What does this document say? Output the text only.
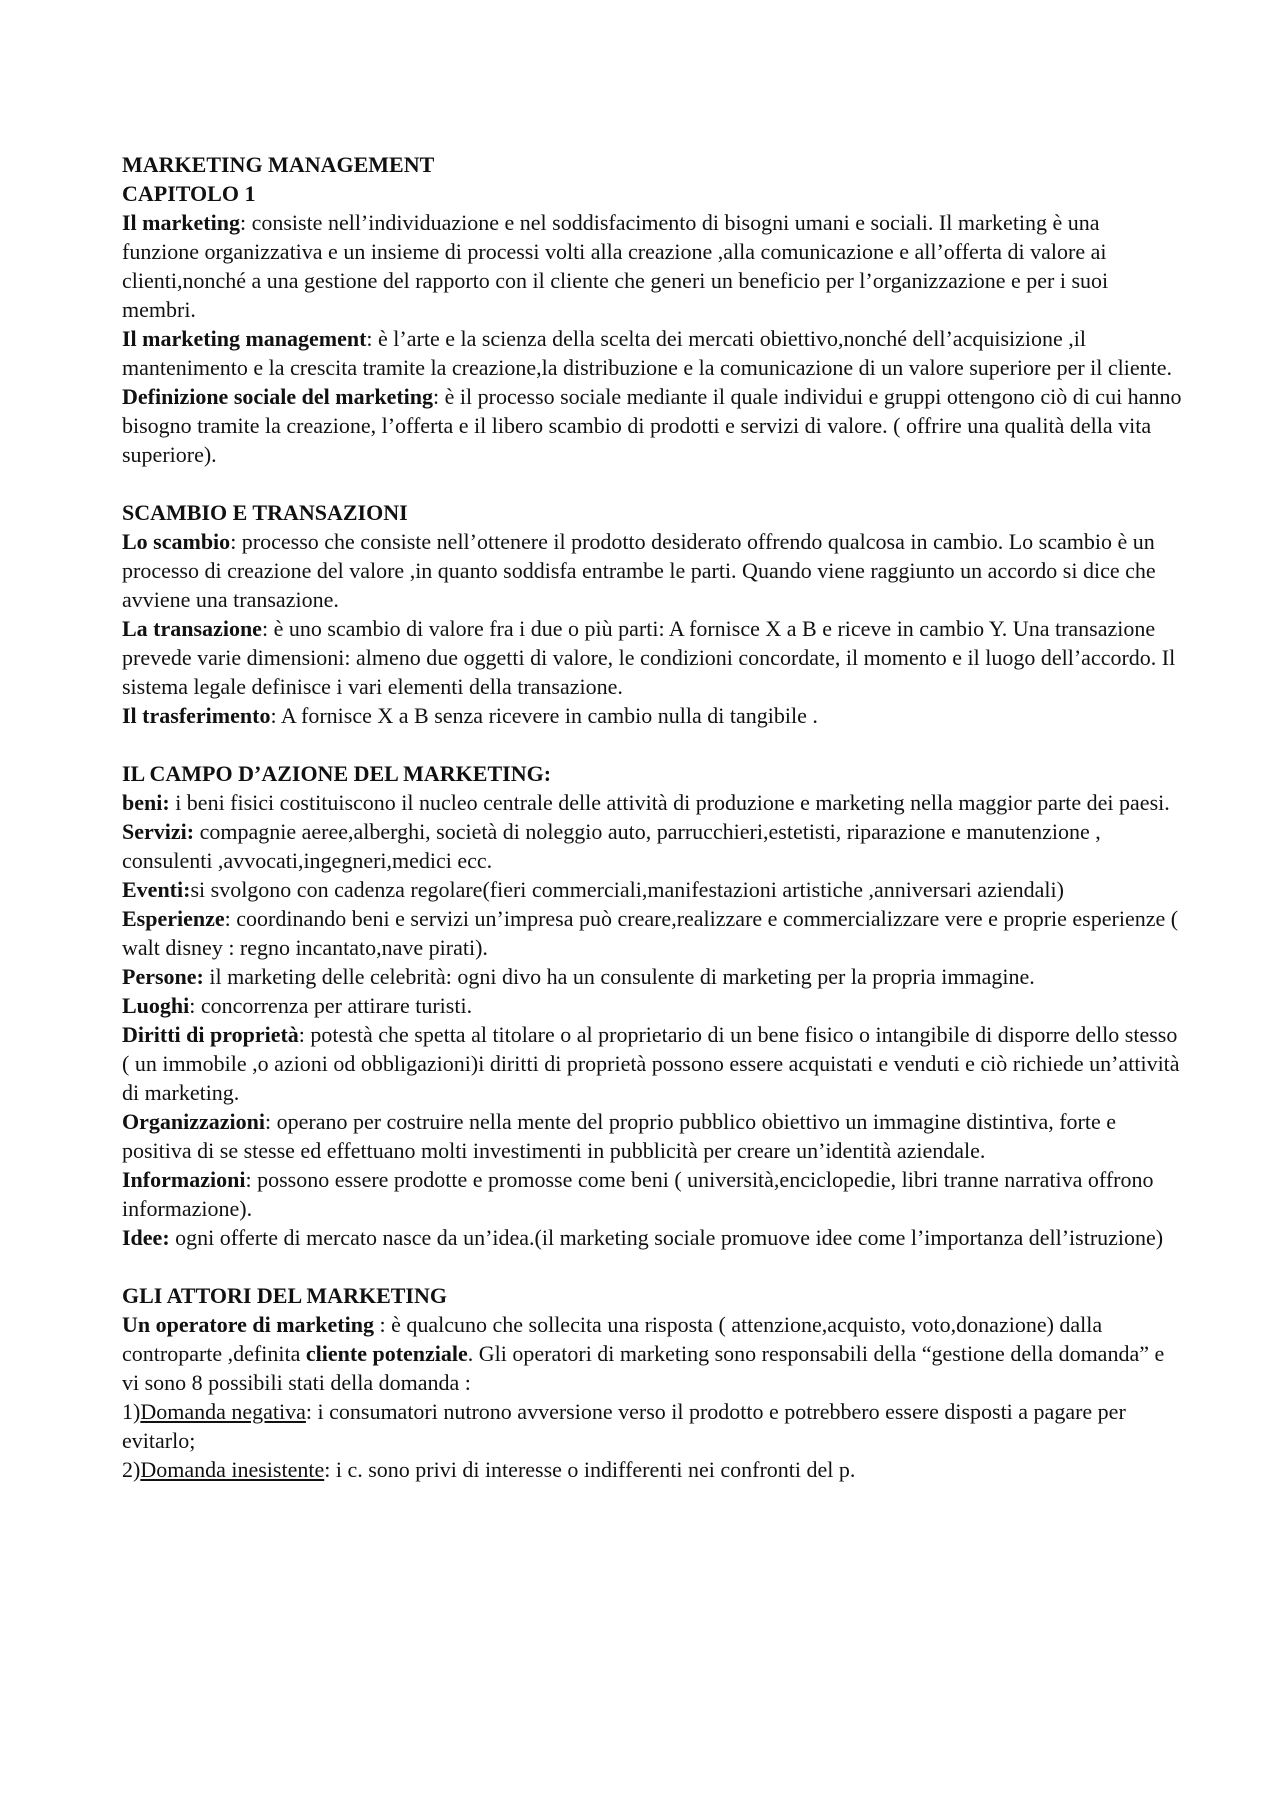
MARKETING MANAGEMENT

CAPITOLO 1

Il marketing: consiste nell’individuazione e nel soddisfacimento di bisogni umani e sociali. Il marketing è una funzione organizzativa e un insieme di processi volti alla creazione ,alla comunicazione e all’offerta di valore ai clienti,nonché a una gestione del rapporto con il cliente che generi un beneficio per l’organizzazione e per i suoi membri.

Il marketing management: è l’arte e la scienza della scelta dei mercati obiettivo,nonché dell’acquisizione ,il mantenimento e la crescita tramite la creazione,la distribuzione e la comunicazione di un valore superiore per il cliente.

Definizione sociale del marketing: è il processo sociale mediante il quale individui e gruppi ottengono ciò di cui hanno bisogno tramite la creazione, l’offerta e il libero scambio di prodotti e servizi di valore. ( offrire una qualità della vita superiore).

SCAMBIO E TRANSAZIONI

Lo scambio: processo che consiste nell’ottenere il prodotto desiderato offrendo qualcosa in cambio. Lo scambio è un processo di creazione del valore ,in quanto soddisfa entrambe le parti. Quando viene raggiunto un accordo si dice che avviene una transazione.

La transazione: è uno scambio di valore fra i due o più parti: A fornisce X a B e riceve in cambio Y. Una transazione prevede varie dimensioni: almeno due oggetti di valore, le condizioni concordate, il momento e il luogo dell’accordo. Il sistema legale definisce i vari elementi della transazione.

Il trasferimento: A fornisce X a B senza ricevere in cambio nulla di tangibile .

IL CAMPO D’AZIONE DEL MARKETING:

beni: i beni fisici costituiscono il nucleo centrale delle attività di produzione e marketing nella maggior parte dei paesi.

Servizi: compagnie aeree,alberghi, società di noleggio auto, parrucchieri,estetisti, riparazione e manutenzione , consulenti ,avvocati,ingegneri,medici ecc.

Eventi:si svolgono con cadenza regolare(fieri commerciali,manifestazioni artistiche ,anniversari aziendali)

Esperienze: coordinando beni e servizi un’impresa può creare,realizzare e commercializzare vere e proprie esperienze ( walt disney : regno incantato,nave pirati).

Persone: il marketing delle celebrità: ogni divo ha un consulente di marketing per la propria immagine.

Luoghi: concorrenza per attirare turisti.

Diritti di proprietà: potestà che spetta al titolare o al proprietario di un bene fisico o intangibile di disporre dello stesso ( un immobile ,o azioni od obbligazioni)i diritti di proprietà possono essere acquistati e venduti e ciò richiede un’attività di marketing.

Organizzazioni: operano per costruire nella mente del proprio pubblico obiettivo un immagine distintiva, forte e positiva di se stesse ed effettuano molti investimenti in pubblicità per creare un’identità aziendale.

Informazioni: possono essere prodotte e promosse come beni ( università,enciclopedie, libri tranne narrativa offrono informazione).

Idee: ogni offerte di mercato nasce da un’idea.(il marketing sociale promuove idee come l’importanza dell’istruzione)

GLI ATTORI DEL MARKETING

Un operatore di marketing : è qualcuno che sollecita una risposta ( attenzione,acquisto, voto,donazione) dalla controparte ,definita cliente potenziale. Gli operatori di marketing sono responsabili della “gestione della domanda” e vi sono 8 possibili stati della domanda :

1)Domanda negativa: i consumatori nutrono avversione verso il prodotto e potrebbero essere disposti a pagare per evitarlo;

2)Domanda inesistente: i c. sono privi di interesse o indifferenti nei confronti del p.
